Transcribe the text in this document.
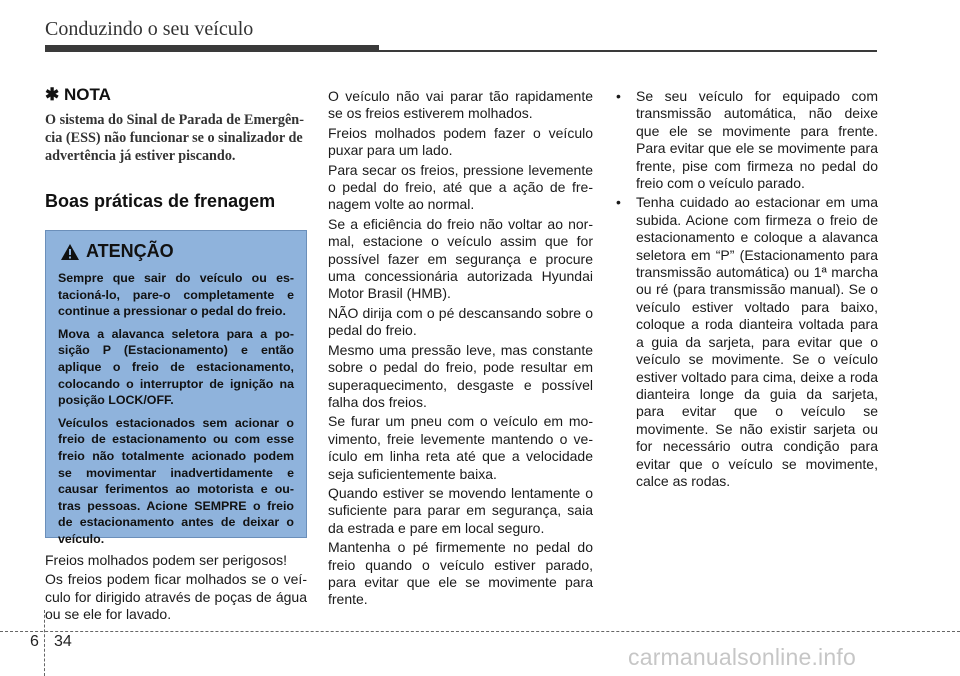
Conduzindo o seu veículo
✱ NOTA

O sistema do Sinal de Parada de Emergên-
cia (ESS) não funcionar se o sinalizador de
advertência já estiver piscando.

Boas práticas de frenagem
ATENÇÃO

Sempre que sair do veículo ou estacioná-lo, pare-o completamente e continue a pressionar o pedal do freio.

Mova a alavanca seletora para a posição P (Estacionamento) e então aplique o freio de estacionamento, colocando o interruptor de ignição na posição LOCK/OFF.

Veículos estacionados sem acionar o freio de estacionamento ou com esse freio não totalmente acionado podem se movimentar inadvertidamente e causar ferimentos ao motorista e outras pessoas. Acione SEMPRE o freio de estacionamento antes de deixar o veículo.

Freios molhados podem ser perigosos!

Os freios podem ficar molhados se o veículo for dirigido através de poças de água ou se ele for lavado.

O veículo não vai parar tão rapidamente se os freios estiverem molhados.

Freios molhados podem fazer o veículo puxar para um lado.

Para secar os freios, pressione levemente o pedal do freio, até que a ação de frenagem volte ao normal.

Se a eficiência do freio não voltar ao normal, estacione o veículo assim que for possível fazer em segurança e procure uma concessionária autorizada Hyundai Motor Brasil (HMB).

NÃO dirija com o pé descansando sobre o pedal do freio.

Mesmo uma pressão leve, mas constante sobre o pedal do freio, pode resultar em superaquecimento, desgaste e possível falha dos freios.

Se furar um pneu com o veículo em movimento, freie levemente mantendo o veículo em linha reta até que a velocidade seja suficientemente baixa.

Quando estiver se movendo lentamente o suficiente para parar em segurança, saia da estrada e pare em local seguro.

Mantenha o pé firmemente no pedal do freio quando o veículo estiver parado, para evitar que ele se movimente para frente.

• Se seu veículo for equipado com transmissão automática, não deixe que ele se movimente para frente. Para evitar que ele se movimente para frente, pise com firmeza no pedal do freio com o veículo parado.
• Tenha cuidado ao estacionar em uma subida. Acione com firmeza o freio de estacionamento e coloque a alavanca seletora em “P” (Estacionamento para transmissão automática) ou 1ª marcha ou ré (para transmissão manual). Se o veículo estiver voltado para baixo, coloque a roda dianteira voltada para a guia da sarjeta, para evitar que o veículo se movimente. Se o veículo estiver voltado para cima, deixe a roda dianteira longe da guia da sarjeta, para evitar que o veículo se movimente. Se não existir sarjeta ou for necessário outra condição para evitar que o veículo se movimente, calce as rodas.
6 34
carmanualsonline.info
